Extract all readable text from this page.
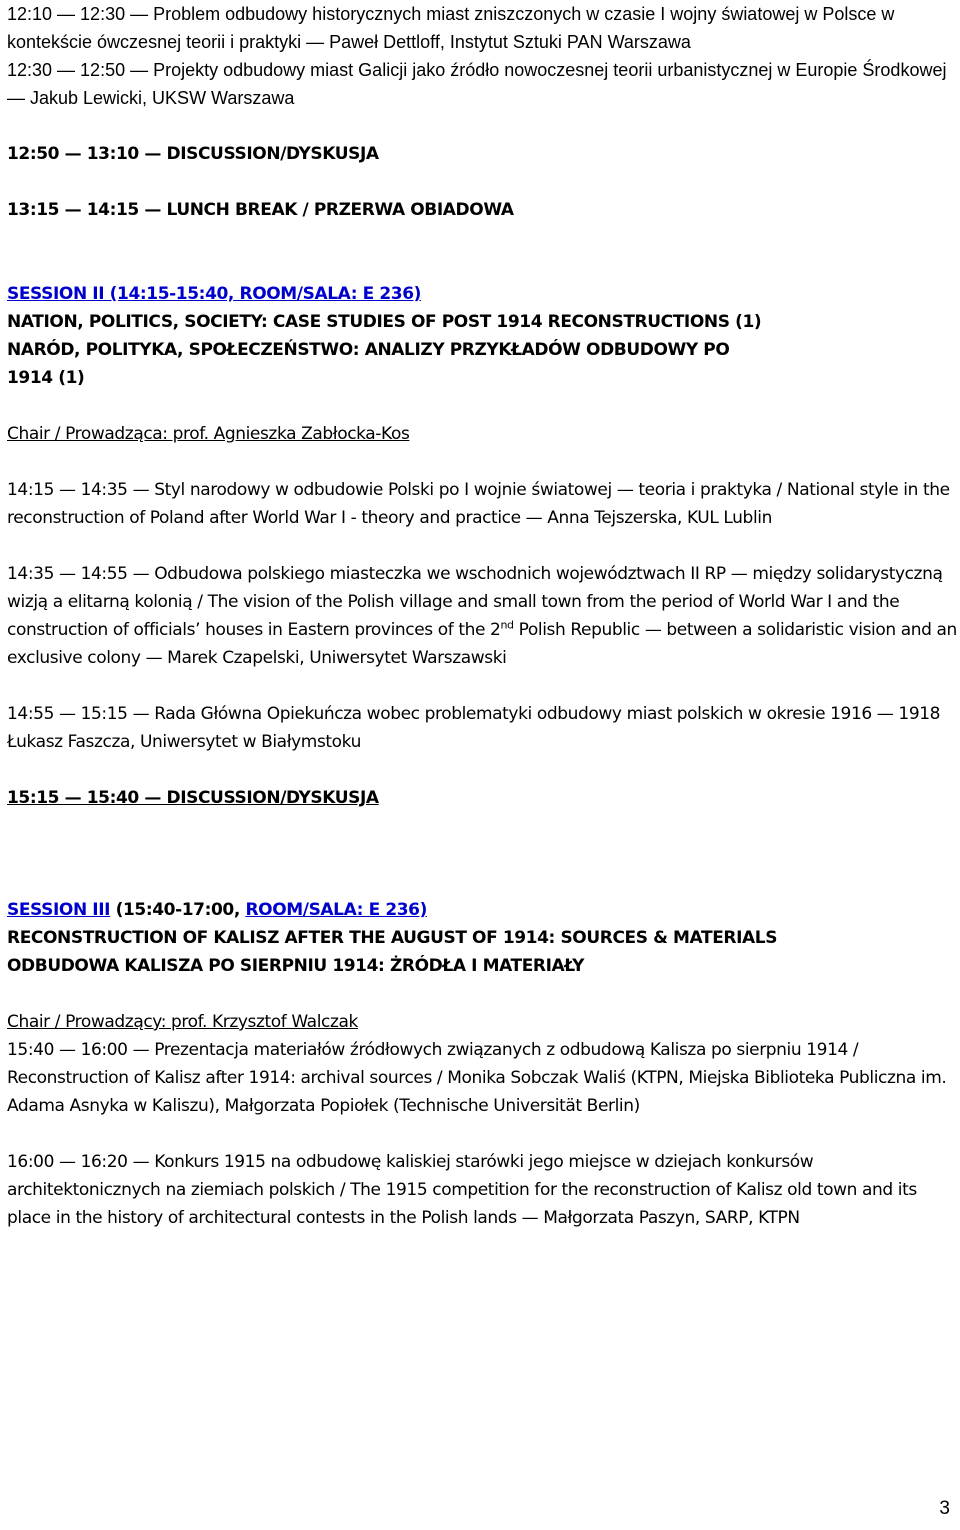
12:10 — 12:30 — Problem odbudowy historycznych miast zniszczonych w czasie I wojny światowej w Polsce w kontekście ówczesnej teorii i praktyki — Paweł Dettloff, Instytut Sztuki PAN Warszawa

12:30 — 12:50 — Projekty odbudowy miast Galicji jako źródło nowoczesnej teorii urbanistycznej w Europie Środkowej — Jakub Lewicki, UKSW Warszawa

12:50 — 13:10 — DISCUSSION/DYSKUSJA

13:15 — 14:15 — LUNCH BREAK / PRZERWA OBIADOWA

SESSION II (14:15-15:40, ROOM/SALA: E 236)

NATION, POLITICS, SOCIETY: CASE STUDIES OF POST 1914 RECONSTRUCTIONS (1)

NARÓD, POLITYKA, SPOŁECZEŃSTWO: ANALIZY PRZYKŁADÓW ODBUDOWY PO 1914 (1)

Chair / Prowadząca: prof. Agnieszka Zabłocka-Kos

14:15 — 14:35 — Styl narodowy w odbudowie Polski po I wojnie światowej — teoria i praktyka / National style in the reconstruction of Poland after World War I - theory and practice — Anna Tejszerska, KUL Lublin

14:35 — 14:55 — Odbudowa polskiego miasteczka we wschodnich województwach II RP — między solidarystyczną wizją a elitarną kolonią / The vision of the Polish village and small town from the period of World War I and the construction of officials’ houses in Eastern provinces of the 2nd Polish Republic — between a solidaristic vision and an exclusive colony — Marek Czapelski, Uniwersytet Warszawski

14:55 — 15:15 — Rada Główna Opiekuńcza wobec problematyki odbudowy miast polskich w okresie 1916 — 1918 Łukasz Faszcza, Uniwersytet w Białymstoku

15:15 — 15:40 — DISCUSSION/DYSKUSJA

SESSION III (15:40-17:00, ROOM/SALA: E 236)

RECONSTRUCTION OF KALISZ AFTER THE AUGUST OF 1914: SOURCES & MATERIALS

ODBUDOWA KALISZA PO SIERPNIU 1914: ŻRÓDŁA I MATERIAŁY

Chair / Prowadzący: prof. Krzysztof Walczak

15:40 — 16:00 — Prezentacja materiałów źródłowych związanych z odbudową Kalisza po sierpniu 1914 / Reconstruction of Kalisz after 1914: archival sources / Monika Sobczak Waliś (KTPN, Miejska Biblioteka Publiczna im. Adama Asnyka w Kaliszu), Małgorzata Popiołek (Technische Universität Berlin)

16:00 — 16:20 — Konkurs 1915 na odbudowę kaliskiej starówki jego miejsce w dziejach konkursów architektonicznych na ziemiach polskich / The 1915 competition for the reconstruction of Kalisz old town and its place in the history of architectural contests in the Polish lands — Małgorzata Paszyn, SARP, KTPN

3
